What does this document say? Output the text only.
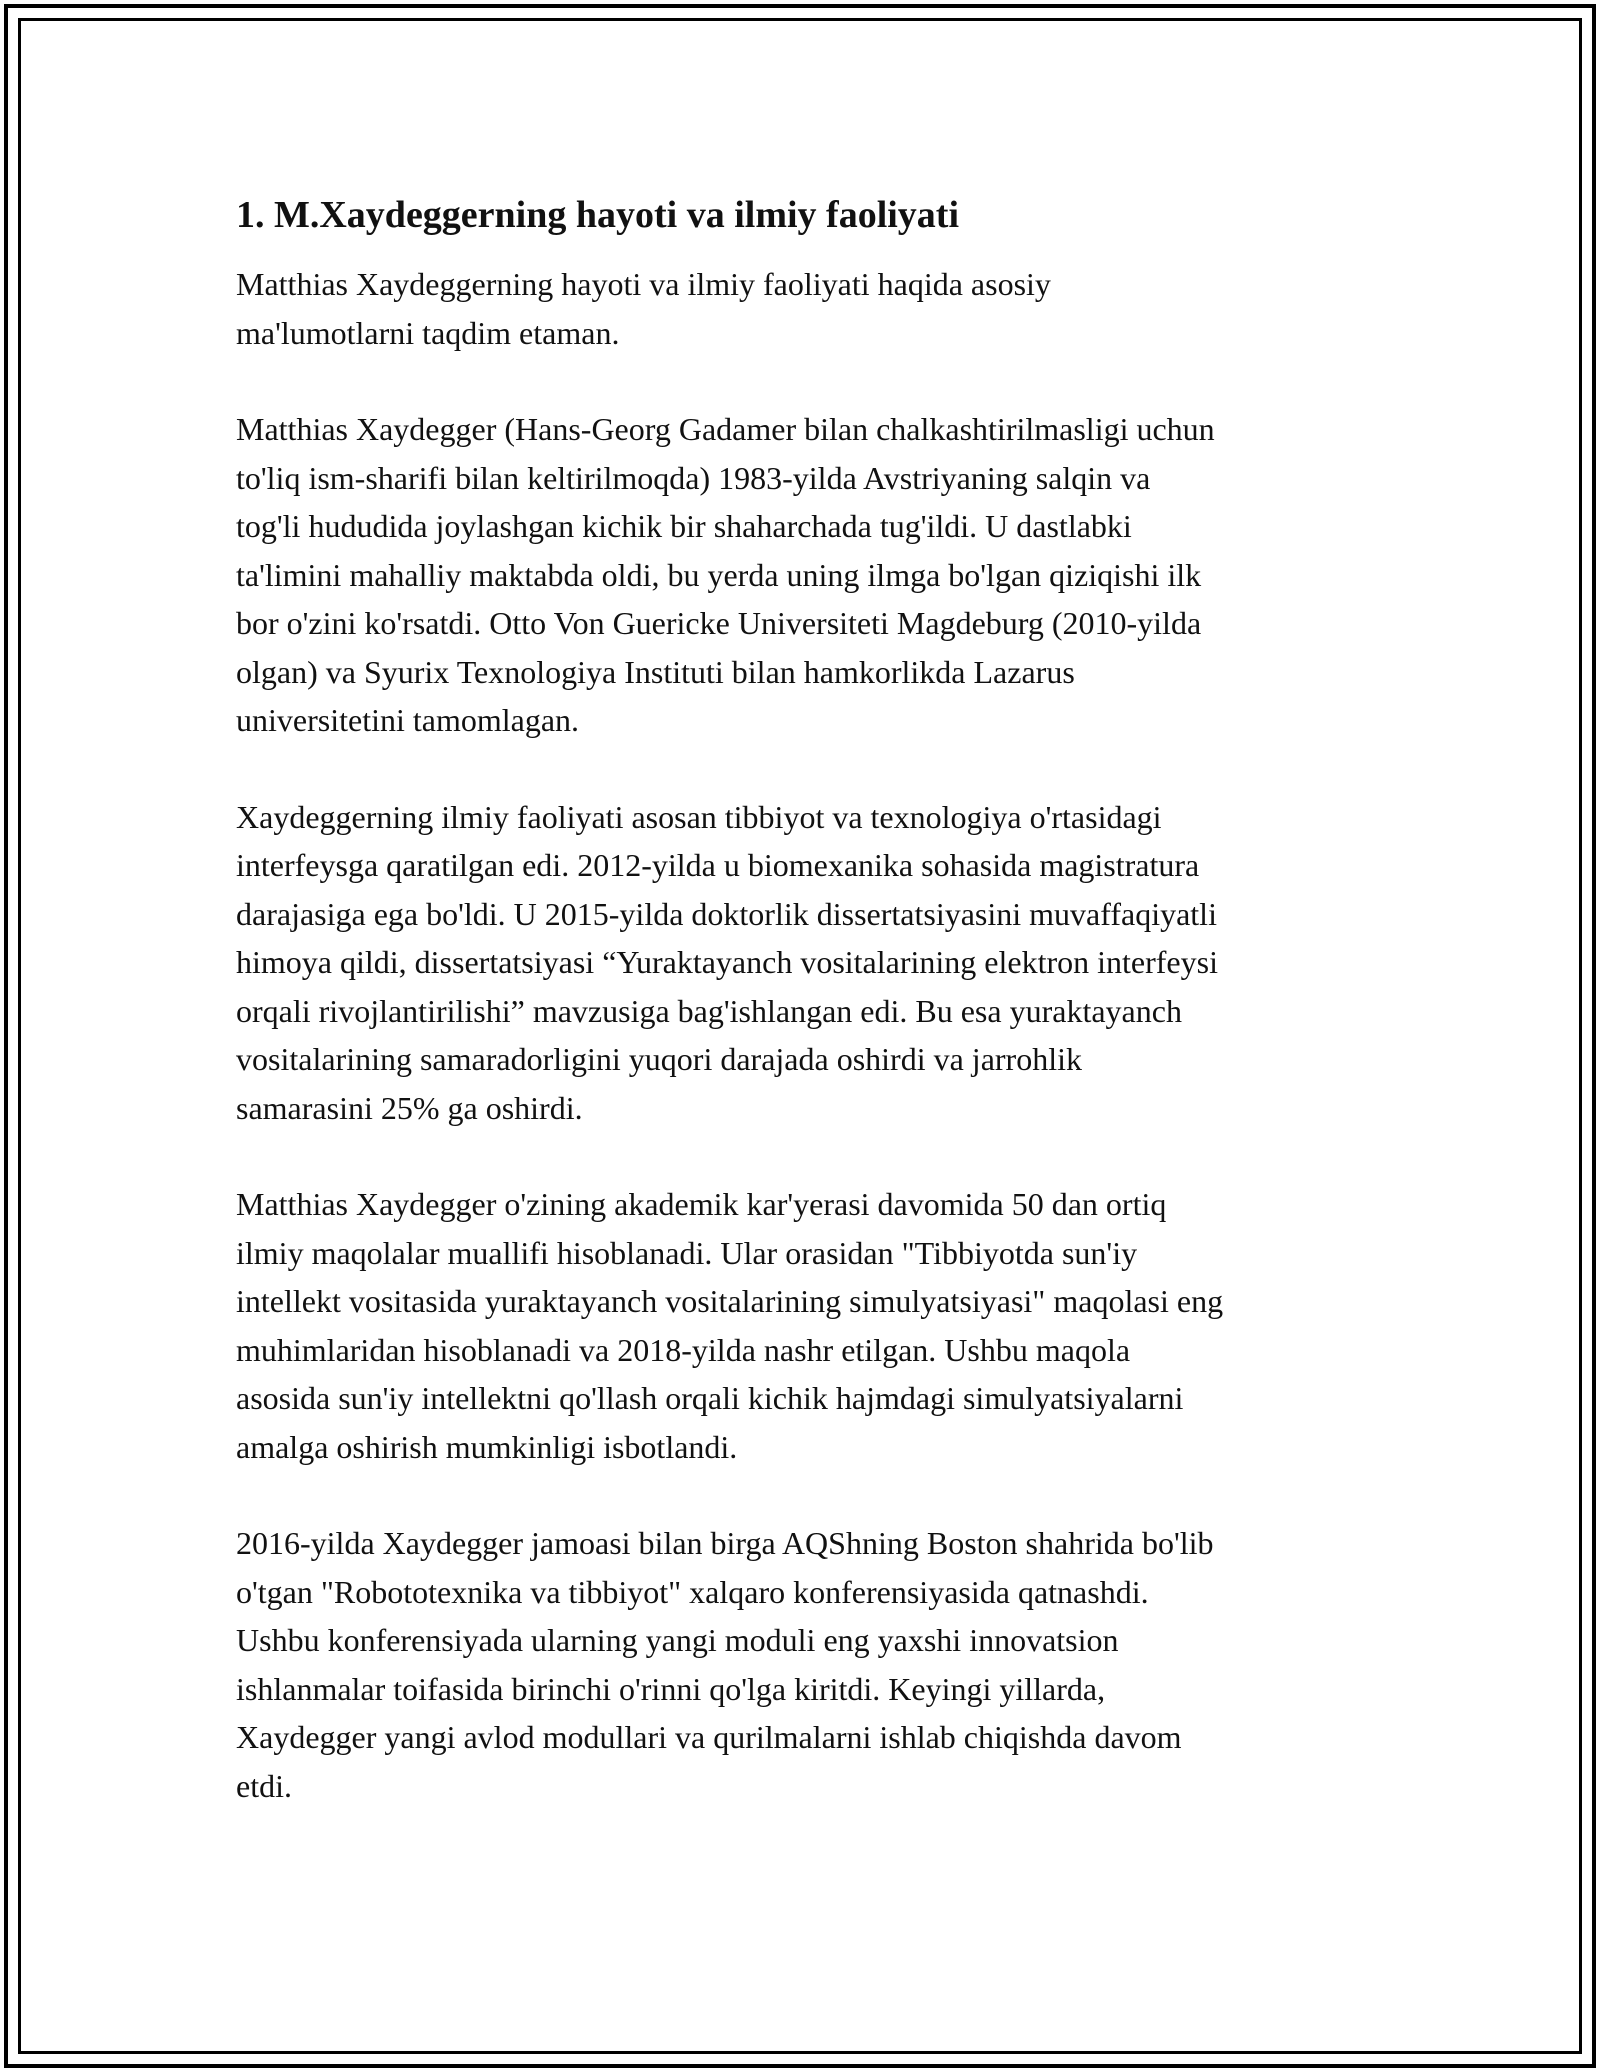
1. M.Xaydeggerning hayoti va ilmiy faoliyati
Matthias Xaydeggerning hayoti va ilmiy faoliyati haqida asosiy
ma'lumotlarni taqdim etaman.
Matthias Xaydegger (Hans-Georg Gadamer bilan chalkashtirilmasligi uchun
to'liq ism-sharifi bilan keltirilmoqda) 1983-yilda Avstriyaning salqin va
tog'li hududida joylashgan kichik bir shaharchada tug'ildi. U dastlabki
ta'limini mahalliy maktabda oldi, bu yerda uning ilmga bo'lgan qiziqishi ilk
bor o'zini ko'rsatdi. Otto Von Guericke Universiteti Magdeburg (2010-yilda
olgan) va Syurix Texnologiya Instituti bilan hamkorlikda Lazarus
universitetini tamomlagan.
Xaydeggerning ilmiy faoliyati asosan tibbiyot va texnologiya o'rtasidagi
interfeysga qaratilgan edi. 2012-yilda u biomexanika sohasida magistratura
darajasiga ega bo'ldi. U 2015-yilda doktorlik dissertatsiyasini muvaffaqiyatli
himoya qildi, dissertatsiyasi “Yuraktayanch vositalarining elektron interfeysi
orqali rivojlantirilishi” mavzusiga bag'ishlangan edi. Bu esa yuraktayanch
vositalarining samaradorligini yuqori darajada oshirdi va jarrohlik
samarasini 25% ga oshirdi.
Matthias Xaydegger o'zining akademik kar'yerasi davomida 50 dan ortiq
ilmiy maqolalar muallifi hisoblanadi. Ular orasidan "Tibbiyotda sun'iy
intellekt vositasida yuraktayanch vositalarining simulyatsiyasi" maqolasi eng
muhimlaridan hisoblanadi va 2018-yilda nashr etilgan. Ushbu maqola
asosida sun'iy intellektni qo'llash orqali kichik hajmdagi simulyatsiyalarni
amalga oshirish mumkinligi isbotlandi.
2016-yilda Xaydegger jamoasi bilan birga AQShning Boston shahrida bo'lib
o'tgan "Robototexnika va tibbiyot" xalqaro konferensiyasida qatnashdi.
Ushbu konferensiyada ularning yangi moduli eng yaxshi innovatsion
ishlanmalar toifasida birinchi o'rinni qo'lga kiritdi. Keyingi yillarda,
Xaydegger yangi avlod modullari va qurilmalarni ishlab chiqishda davom
etdi.
